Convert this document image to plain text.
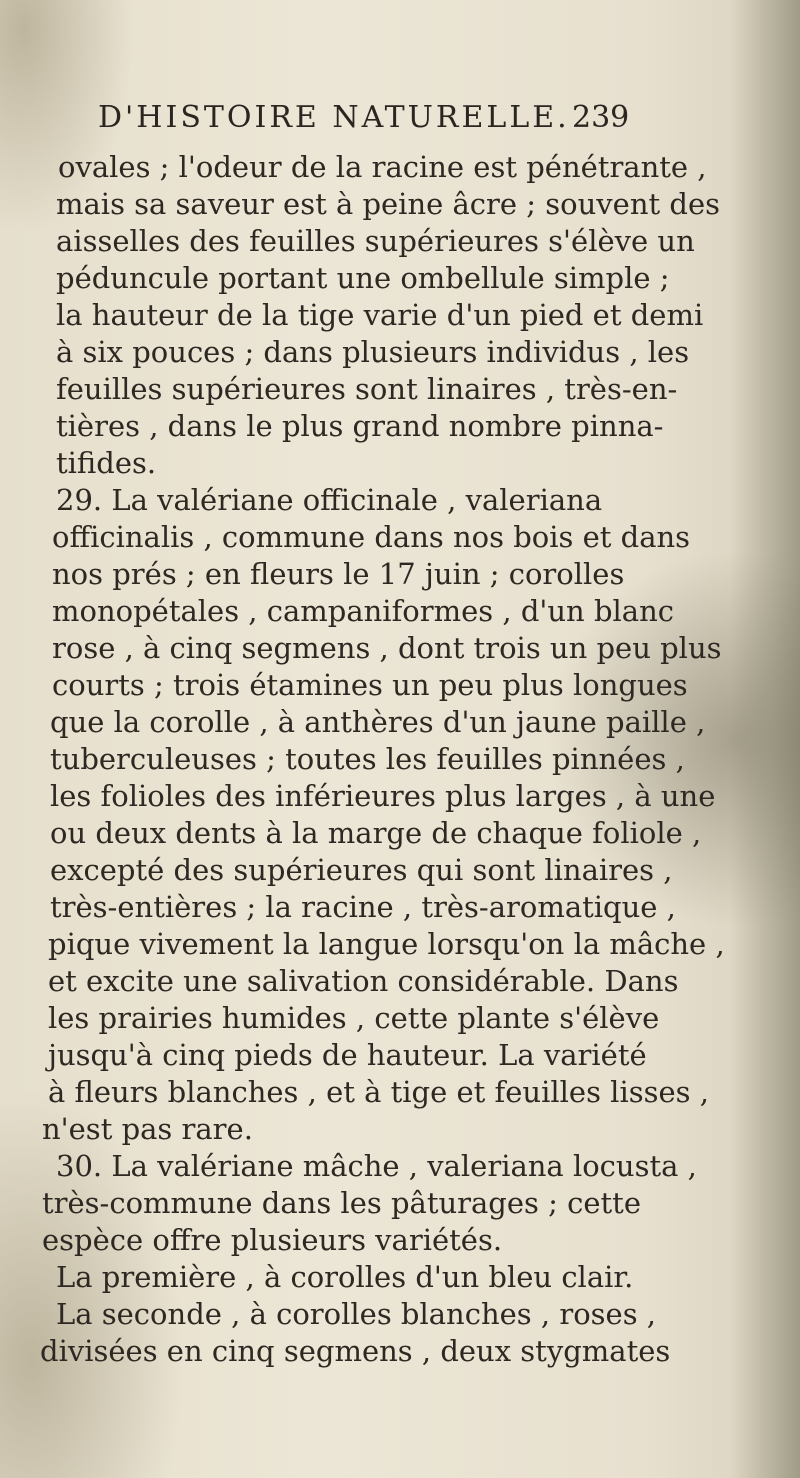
D'HISTOIRE NATURELLE. 239
ovales ; l'odeur de la racine est pénétrante ,
mais sa saveur est à peine âcre ; souvent des
aisselles des feuilles supérieures s'élève un
péduncule portant une ombellule simple ;
la hauteur de la tige varie d'un pied et demi
à six pouces ; dans plusieurs individus , les
feuilles supérieures sont linaires , très-en-
tières , dans le plus grand nombre pinna-
tifides.
29. La valériane officinale , valeriana
officinalis , commune dans nos bois et dans
nos prés ; en fleurs le 17 juin ; corolles
monopétales , campaniformes , d'un blanc
rose , à cinq segmens , dont trois un peu plus
courts ; trois étamines un peu plus longues
que la corolle , à anthères d'un jaune paille ,
tuberculeuses ; toutes les feuilles pinnées ,
les folioles des inférieures plus larges , à une
ou deux dents à la marge de chaque foliole ,
excepté des supérieures qui sont linaires ,
très-entières ; la racine , très-aromatique ,
pique vivement la langue lorsqu'on la mâche ,
et excite une salivation considérable. Dans
les prairies humides , cette plante s'élève
jusqu'à cinq pieds de hauteur. La variété
à fleurs blanches , et à tige et feuilles lisses ,
n'est pas rare.
30. La valériane mâche , valeriana locusta ,
très-commune dans les pâturages ; cette
espèce offre plusieurs variétés.
La première , à corolles d'un bleu clair.
La seconde , à corolles blanches , roses ,
divisées en cinq segmens , deux stygmates
